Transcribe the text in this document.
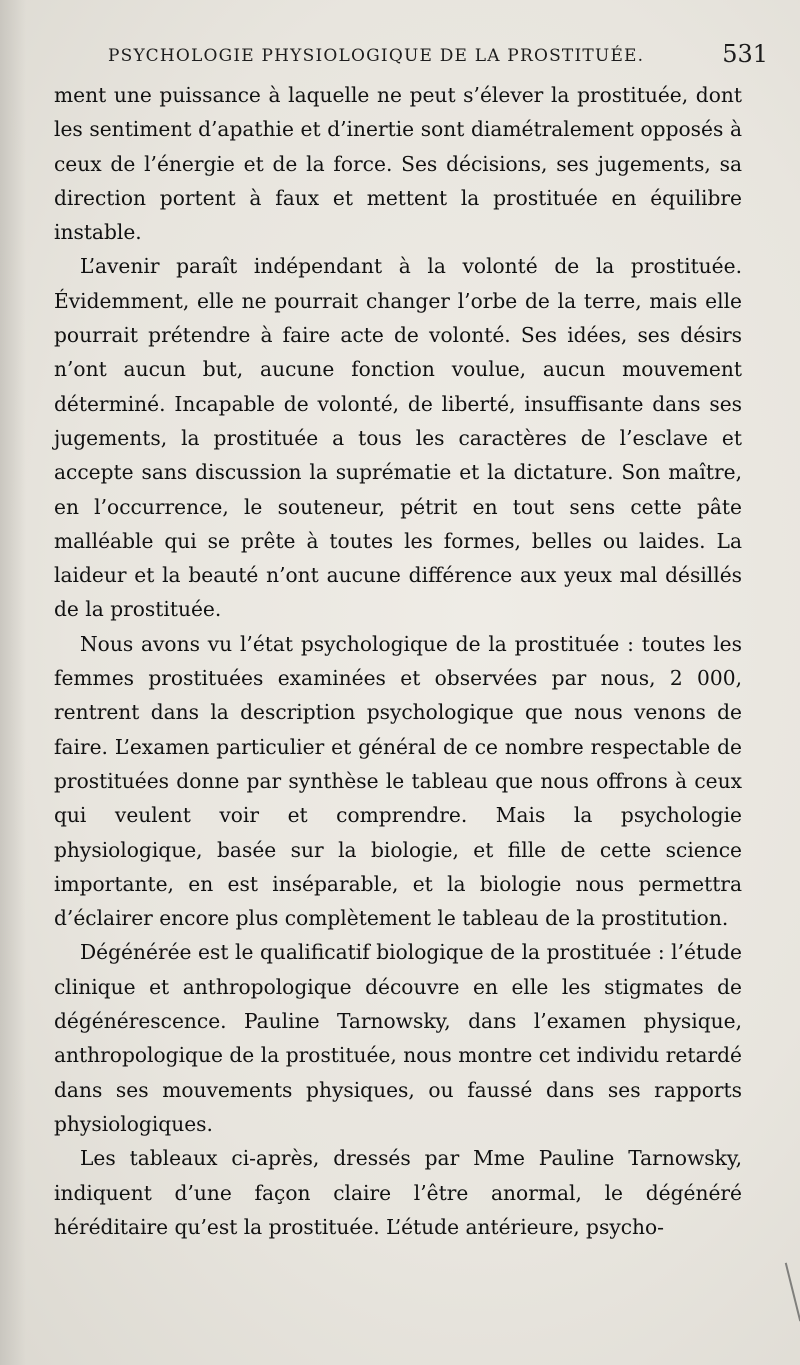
PSYCHOLOGIE PHYSIOLOGIQUE DE LA PROSTITUÉE.	531

ment une puissance à laquelle ne peut s’élever la prostituée, dont les sentiment d’apathie et d’inertie sont diamétralement opposés à ceux de l’énergie et de la force. Ses décisions, ses jugements, sa direction portent à faux et mettent la prostituée en équilibre instable.

L’avenir paraît indépendant à la volonté de la prostituée. Évidemment, elle ne pourrait changer l’orbe de la terre, mais elle pourrait prétendre à faire acte de volonté. Ses idées, ses désirs n’ont aucun but, aucune fonction voulue, aucun mouvement déterminé. Incapable de volonté, de liberté, insuffisante dans ses jugements, la prostituée a tous les caractères de l’esclave et accepte sans discussion la suprématie et la dictature. Son maître, en l’occurrence, le souteneur, pétrit en tout sens cette pâte malléable qui se prête à toutes les formes, belles ou laides. La laideur et la beauté n’ont aucune différence aux yeux mal désillés de la prostituée.

Nous avons vu l’état psychologique de la prostituée : toutes les femmes prostituées examinées et observées par nous, 2 000, rentrent dans la description psychologique que nous venons de faire. L’examen particulier et général de ce nombre respectable de prostituées donne par synthèse le tableau que nous offrons à ceux qui veulent voir et comprendre. Mais la psychologie physiologique, basée sur la biologie, et fille de cette science importante, en est inséparable, et la biologie nous permettra d’éclairer encore plus complètement le tableau de la prostitution.

Dégénérée est le qualificatif biologique de la prostituée : l’étude clinique et anthropologique découvre en elle les stigmates de dégénérescence. Pauline Tarnowsky, dans l’examen physique, anthropologique de la prostituée, nous montre cet individu retardé dans ses mouvements physiques, ou faussé dans ses rapports physiologiques.

Les tableaux ci-après, dressés par Mme Pauline Tarnowsky, indiquent d’une façon claire l’être anormal, le dégénéré héréditaire qu’est la prostituée. L’étude antérieure, psycho-
